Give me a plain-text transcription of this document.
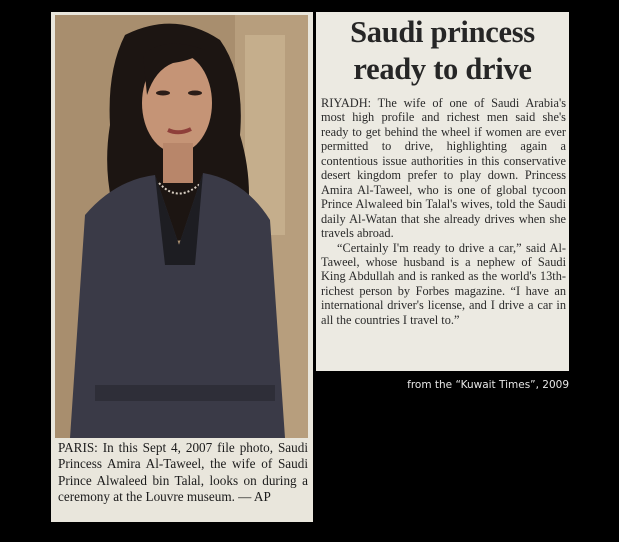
PARIS: In this Sept 4, 2007 file photo, Saudi Princess Amira Al-Taweel, the wife of Saudi Prince Alwaleed bin Talal, looks on during a ceremony at the Louvre museum. — AP
Saudi princess ready to drive

RIYADH: The wife of one of Saudi Arabia's most high profile and richest men said she's ready to get behind the wheel if women are ever permitted to drive, highlighting again a contentious issue authorities in this conservative desert kingdom prefer to play down. Princess Amira Al-Taweel, who is one of global tycoon Prince Alwaleed bin Talal's wives, told the Saudi daily Al-Watan that she already drives when she travels abroad.

“Certainly I'm ready to drive a car,” said Al-Taweel, whose husband is a nephew of Saudi King Abdullah and is ranked as the world's 13th-richest person by Forbes magazine. “I have an international driver's license, and I drive a car in all the countries I travel to.”

from the “Kuwait Times”, 2009
